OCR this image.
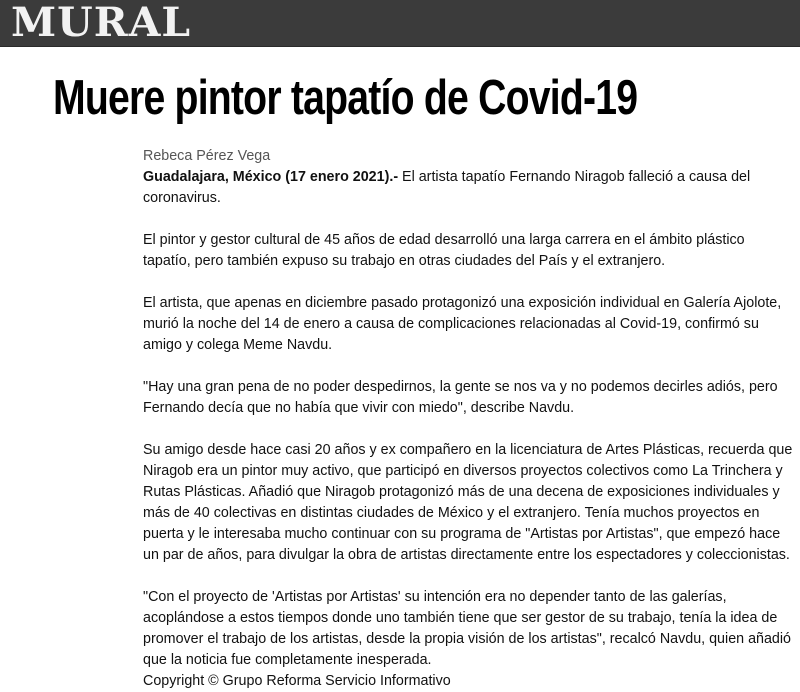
MURAL
Muere pintor tapatío de Covid-19
Rebeca Pérez Vega

Guadalajara, México (17 enero 2021).- El artista tapatío Fernando Niragob falleció a causa del coronavirus.

El pintor y gestor cultural de 45 años de edad desarrolló una larga carrera en el ámbito plástico tapatío, pero también expuso su trabajo en otras ciudades del País y el extranjero.

El artista, que apenas en diciembre pasado protagonizó una exposición individual en Galería Ajolote, murió la noche del 14 de enero a causa de complicaciones relacionadas al Covid-19, confirmó su amigo y colega Meme Navdu.

"Hay una gran pena de no poder despedirnos, la gente se nos va y no podemos decirles adiós, pero Fernando decía que no había que vivir con miedo", describe Navdu.

Su amigo desde hace casi 20 años y ex compañero en la licenciatura de Artes Plásticas, recuerda que Niragob era un pintor muy activo, que participó en diversos proyectos colectivos como La Trinchera y Rutas Plásticas. Añadió que Niragob protagonizó más de una decena de exposiciones individuales y más de 40 colectivas en distintas ciudades de México y el extranjero. Tenía muchos proyectos en puerta y le interesaba mucho continuar con su programa de "Artistas por Artistas", que empezó hace un par de años, para divulgar la obra de artistas directamente entre los espectadores y coleccionistas.

"Con el proyecto de 'Artistas por Artistas' su intención era no depender tanto de las galerías, acoplándose a estos tiempos donde uno también tiene que ser gestor de su trabajo, tenía la idea de promover el trabajo de los artistas, desde la propia visión de los artistas", recalcó Navdu, quien añadió que la noticia fue completamente inesperada.

Copyright © Grupo Reforma Servicio Informativo
